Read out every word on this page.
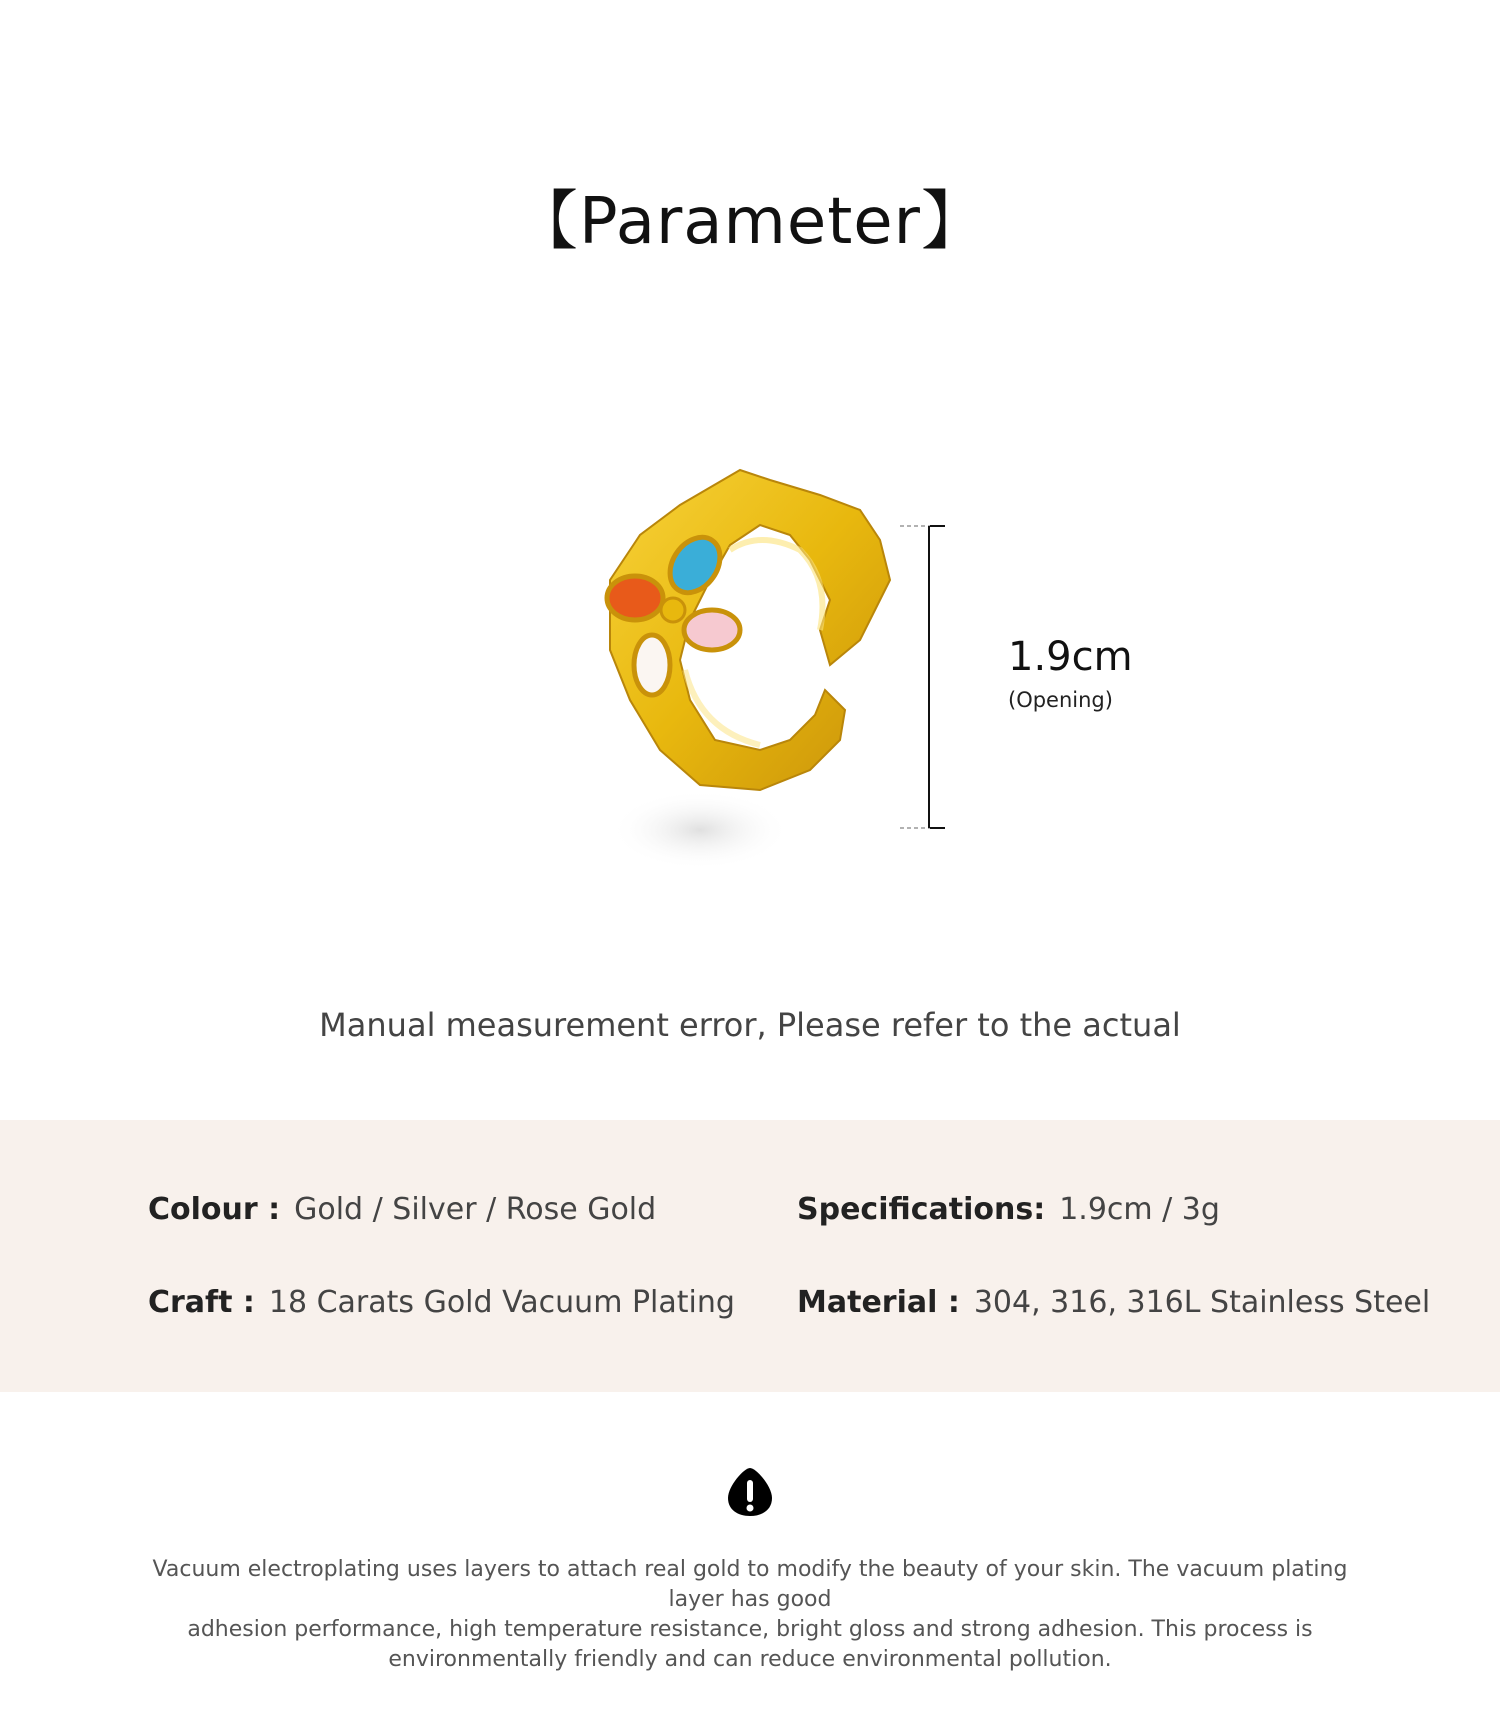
【Parameter】
1.9cm
(Opening)

Manual measurement error, Please refer to the actual

Colour : Gold / Silver / Rose Gold	Specifications: 1.9cm / 3g
Craft : 18 Carats Gold Vacuum Plating Material : 304, 316, 316L Stainless Steel
Vacuum electroplating uses layers to attach real gold to modify the beauty of your skin. The vacuum plating layer has good
adhesion performance, high temperature resistance, bright gloss and strong adhesion. This process is
environmentally friendly and can reduce environmental pollution.
